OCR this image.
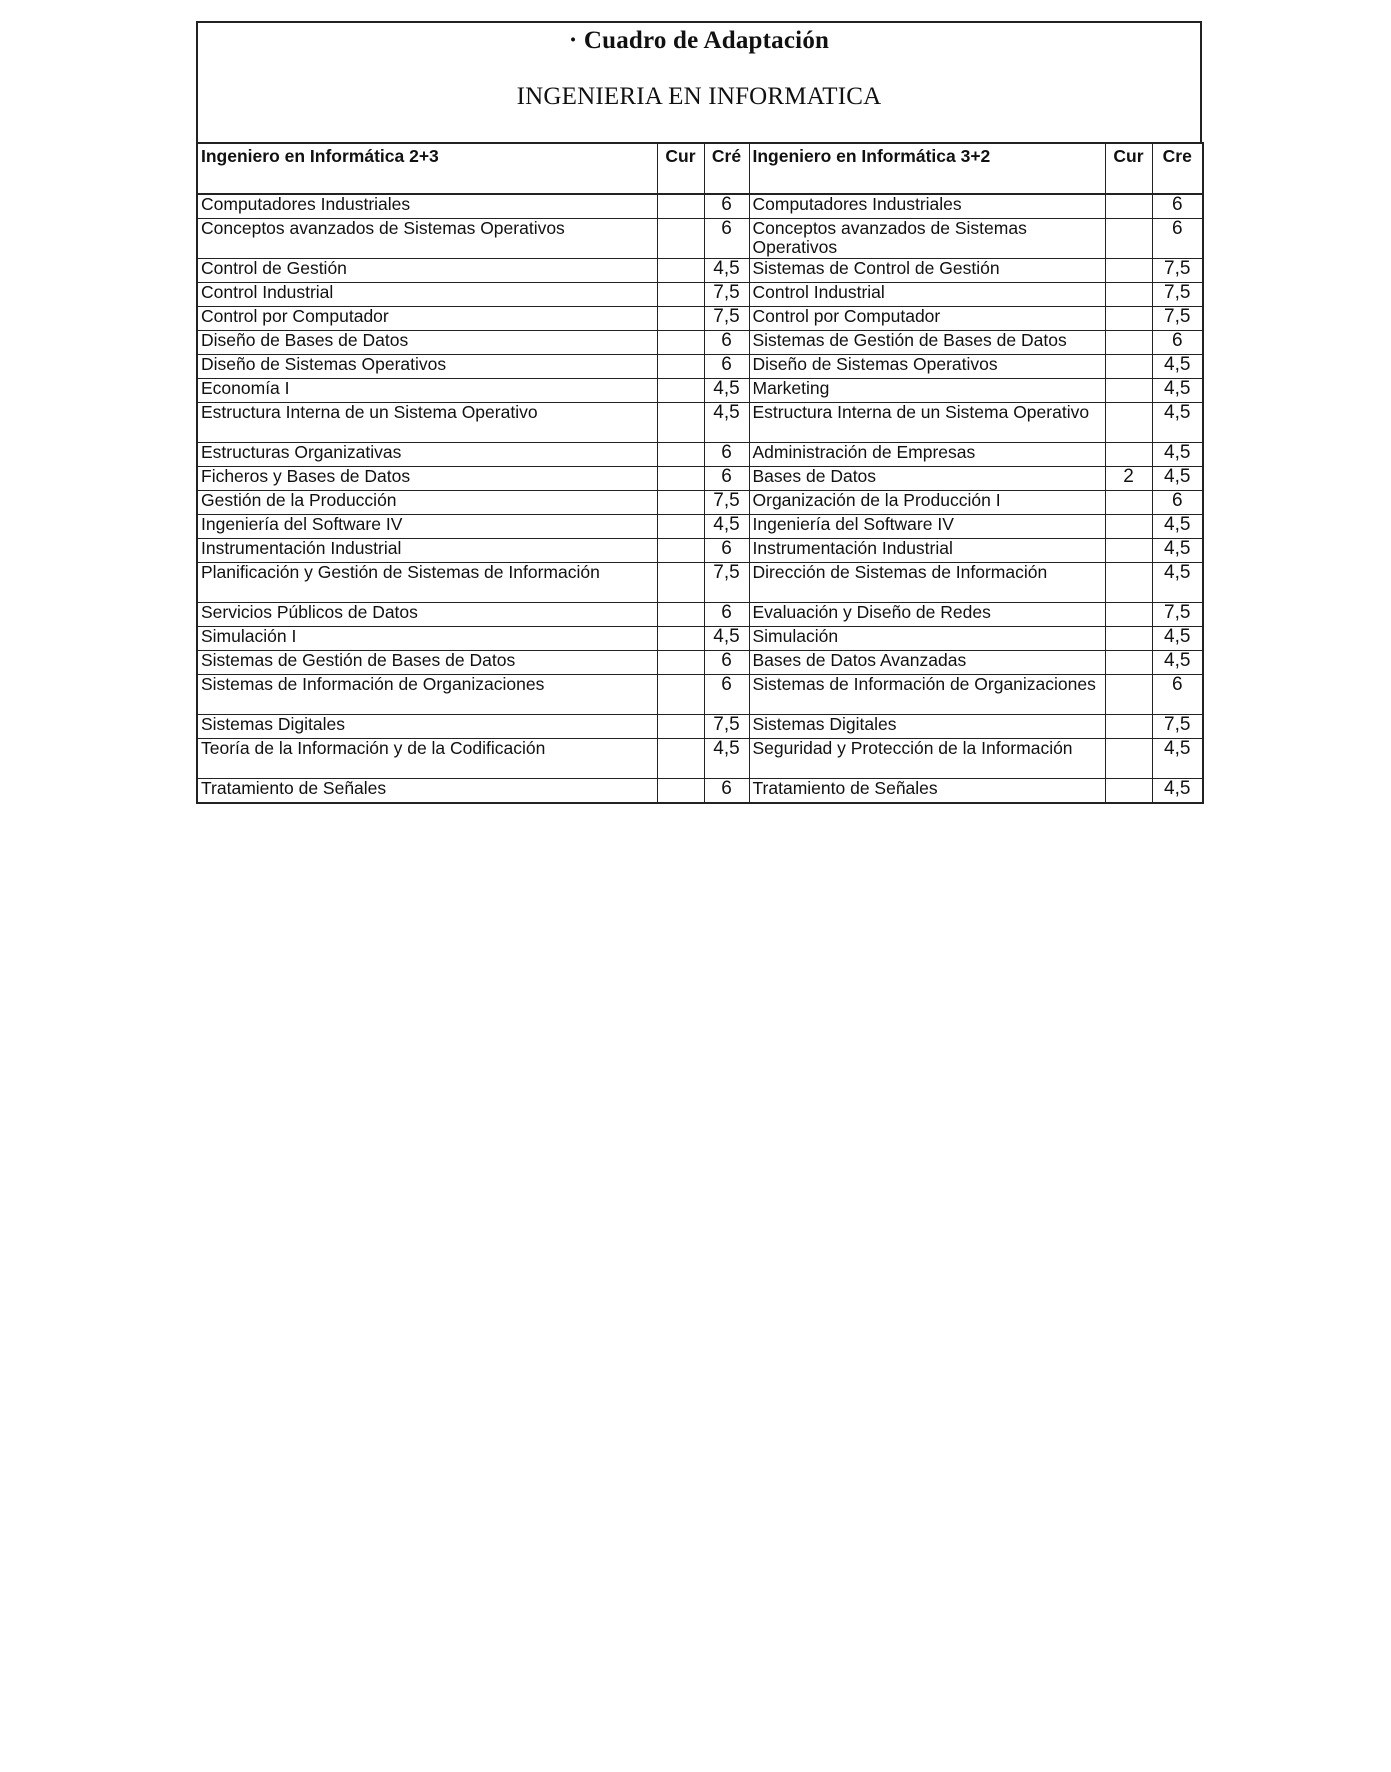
· Cuadro de Adaptación
INGENIERIA EN INFORMATICA
Ingeniero en Informática 2+3	Cur	Cré	Ingeniero en Informática 3+2	Cur	Cre
Computadores Industriales		6	Computadores Industriales		6
Conceptos avanzados de Sistemas Operativos		6	Conceptos avanzados de Sistemas Operativos		6
Control de Gestión		4,5	Sistemas de Control de Gestión		7,5
Control Industrial		7,5	Control Industrial		7,5
Control por Computador		7,5	Control por Computador		7,5
Diseño de Bases de Datos		6	Sistemas de Gestión de Bases de Datos		6
Diseño de Sistemas Operativos		6	Diseño de Sistemas Operativos		4,5
Economía I		4,5	Marketing		4,5
Estructura Interna de un Sistema Operativo		4,5	Estructura Interna de un Sistema Operativo		4,5
Estructuras Organizativas		6	Administración de Empresas		4,5
Ficheros y Bases de Datos		6	Bases de Datos	2	4,5
Gestión de la Producción		7,5	Organización de la Producción I		6
Ingeniería del Software IV		4,5	Ingeniería del Software IV		4,5
Instrumentación Industrial		6	Instrumentación Industrial		4,5
Planificación y Gestión de Sistemas de Información		7,5	Dirección de Sistemas de Información		4,5
Servicios Públicos de Datos		6	Evaluación y Diseño de Redes		7,5
Simulación I		4,5	Simulación		4,5
Sistemas de Gestión de Bases de Datos		6	Bases de Datos Avanzadas		4,5
Sistemas de Información de Organizaciones		6	Sistemas de Información de Organizaciones		6
Sistemas Digitales		7,5	Sistemas Digitales		7,5
Teoría de la Información y de la Codificación		4,5	Seguridad y Protección de la Información		4,5
Tratamiento de Señales		6	Tratamiento de Señales		4,5
